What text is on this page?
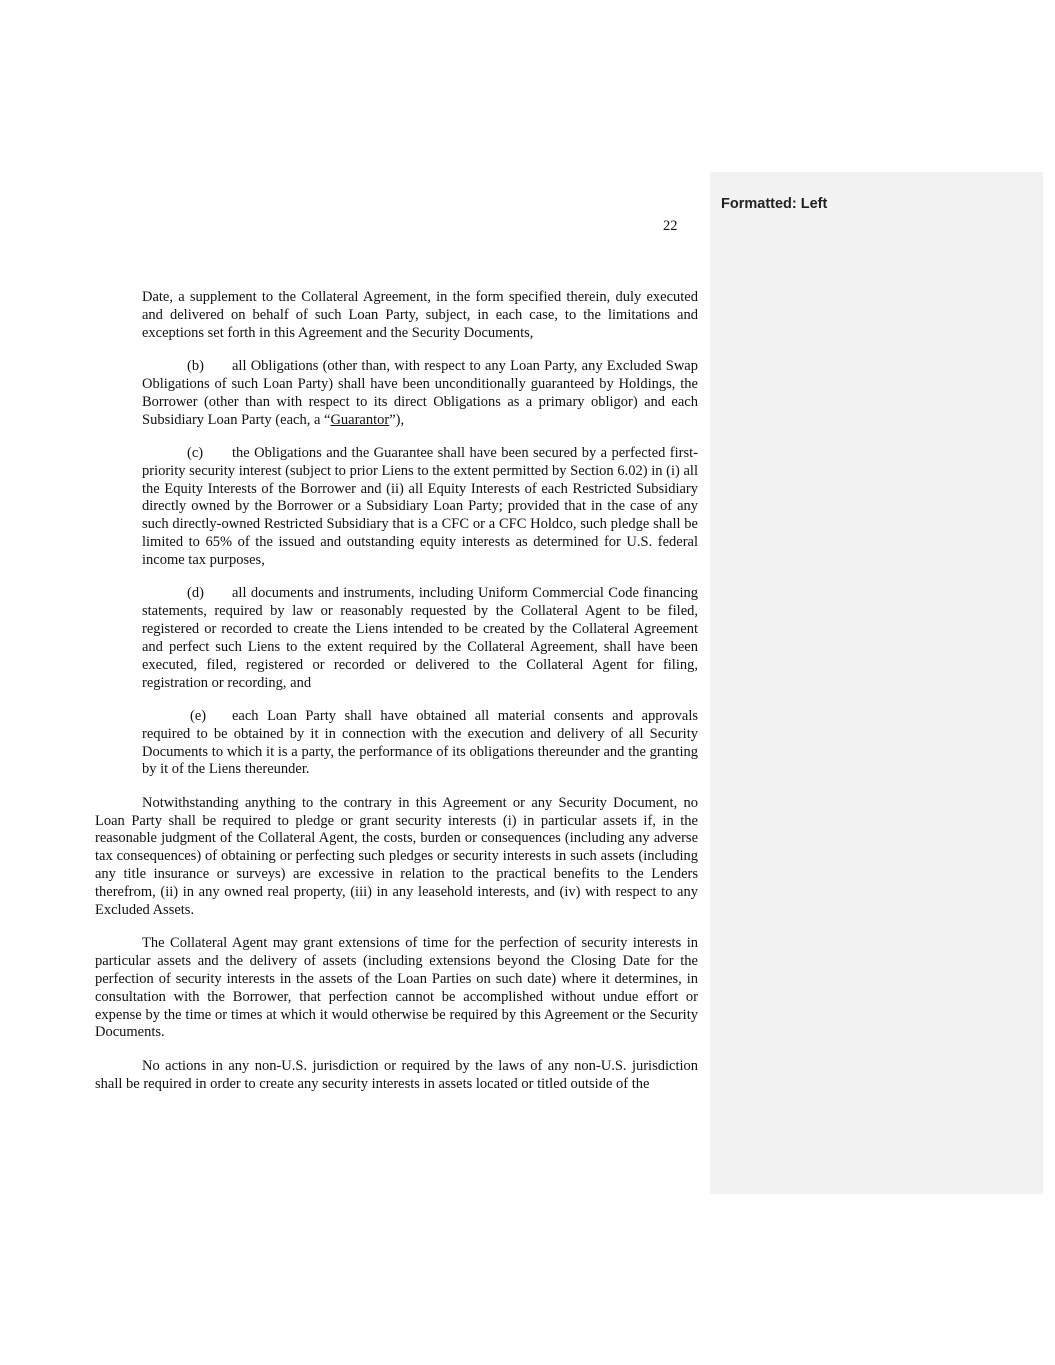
Formatted: Left
22

Date, a supplement to the Collateral Agreement, in the form specified therein, duly executed and delivered on behalf of such Loan Party, subject, in each case, to the limitations and exceptions set forth in this Agreement and the Security Documents,

(b) all Obligations (other than, with respect to any Loan Party, any Excluded Swap Obligations of such Loan Party) shall have been unconditionally guaranteed by Holdings, the Borrower (other than with respect to its direct Obligations as a primary obligor) and each Subsidiary Loan Party (each, a “Guarantor”),

(c) the Obligations and the Guarantee shall have been secured by a perfected first-priority security interest (subject to prior Liens to the extent permitted by Section 6.02) in (i) all the Equity Interests of the Borrower and (ii) all Equity Interests of each Restricted Subsidiary directly owned by the Borrower or a Subsidiary Loan Party; provided that in the case of any such directly-owned Restricted Subsidiary that is a CFC or a CFC Holdco, such pledge shall be limited to 65% of the issued and outstanding equity interests as determined for U.S. federal income tax purposes,

(d) all documents and instruments, including Uniform Commercial Code financing statements, required by law or reasonably requested by the Collateral Agent to be filed, registered or recorded to create the Liens intended to be created by the Collateral Agreement and perfect such Liens to the extent required by the Collateral Agreement, shall have been executed, filed, registered or recorded or delivered to the Collateral Agent for filing, registration or recording, and

(e) each Loan Party shall have obtained all material consents and approvals required to be obtained by it in connection with the execution and delivery of all Security Documents to which it is a party, the performance of its obligations thereunder and the granting by it of the Liens thereunder.

Notwithstanding anything to the contrary in this Agreement or any Security Document, no Loan Party shall be required to pledge or grant security interests (i) in particular assets if, in the reasonable judgment of the Collateral Agent, the costs, burden or consequences (including any adverse tax consequences) of obtaining or perfecting such pledges or security interests in such assets (including any title insurance or surveys) are excessive in relation to the practical benefits to the Lenders therefrom, (ii) in any owned real property, (iii) in any leasehold interests, and (iv) with respect to any Excluded Assets.

The Collateral Agent may grant extensions of time for the perfection of security interests in particular assets and the delivery of assets (including extensions beyond the Closing Date for the perfection of security interests in the assets of the Loan Parties on such date) where it determines, in consultation with the Borrower, that perfection cannot be accomplished without undue effort or expense by the time or times at which it would otherwise be required by this Agreement or the Security Documents.

No actions in any non-U.S. jurisdiction or required by the laws of any non-U.S. jurisdiction shall be required in order to create any security interests in assets located or titled outside of the
